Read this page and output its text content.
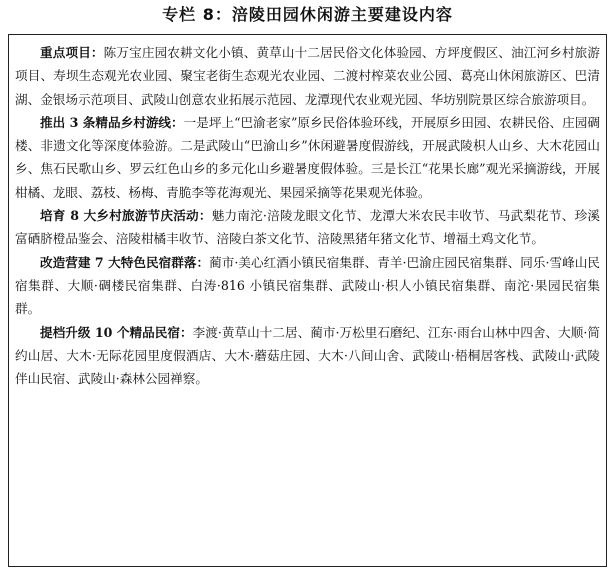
专栏 8：涪陵田园休闲游主要建设内容

重点项目：陈万宝庄园农耕文化小镇、黄草山十二居民俗文化体验园、方坪度假区、油江河乡村旅游项目、寿坝生态观光农业园、聚宝老街生态观光农业园、二渡村榨菜农业公园、葛亮山休闲旅游区、巴清湖、金银场示范项目、武陵山创意农业拓展示范园、龙潭现代农业观光园、华坊别院景区综合旅游项目。

推出 3 条精品乡村游线：一是坪上“巴渝老家”原乡民俗体验环线，开展原乡田园、农耕民俗、庄园碉楼、非遗文化等深度体验游。二是武陵山“巴渝山乡”休闲避暑度假游线，开展武陵枳人山乡、大木花园山乡、焦石民歌山乡、罗云红色山乡的多元化山乡避暑度假体验。三是长江“花果长廊”观光采摘游线，开展柑橘、龙眼、荔枝、杨梅、青脆李等花海观光、果园采摘等花果观光体验。

培育 8 大乡村旅游节庆活动：魅力南沱·涪陵龙眼文化节、龙潭大米农民丰收节、马武梨花节、珍溪富硒脐橙品鉴会、涪陵柑橘丰收节、涪陵白茶文化节、涪陵黑猪年猪文化节、增福土鸡文化节。

改造营建 7 大特色民宿群落：蔺市·美心红酒小镇民宿集群、青羊·巴渝庄园民宿集群、同乐·雪峰山民宿集群、大顺·碉楼民宿集群、白涛·816 小镇民宿集群、武陵山·枳人小镇民宿集群、南沱·果园民宿集群。

提档升级 10 个精品民宿：李渡·黄草山十二居、蔺市·万松里石磨纪、江东·雨台山林中四舍、大顺·简约山居、大木·无际花园里度假酒店、大木·蘑菇庄园、大木·八间山舍、武陵山·梧桐居客栈、武陵山·武陵伴山民宿、武陵山·森林公园禅察。
